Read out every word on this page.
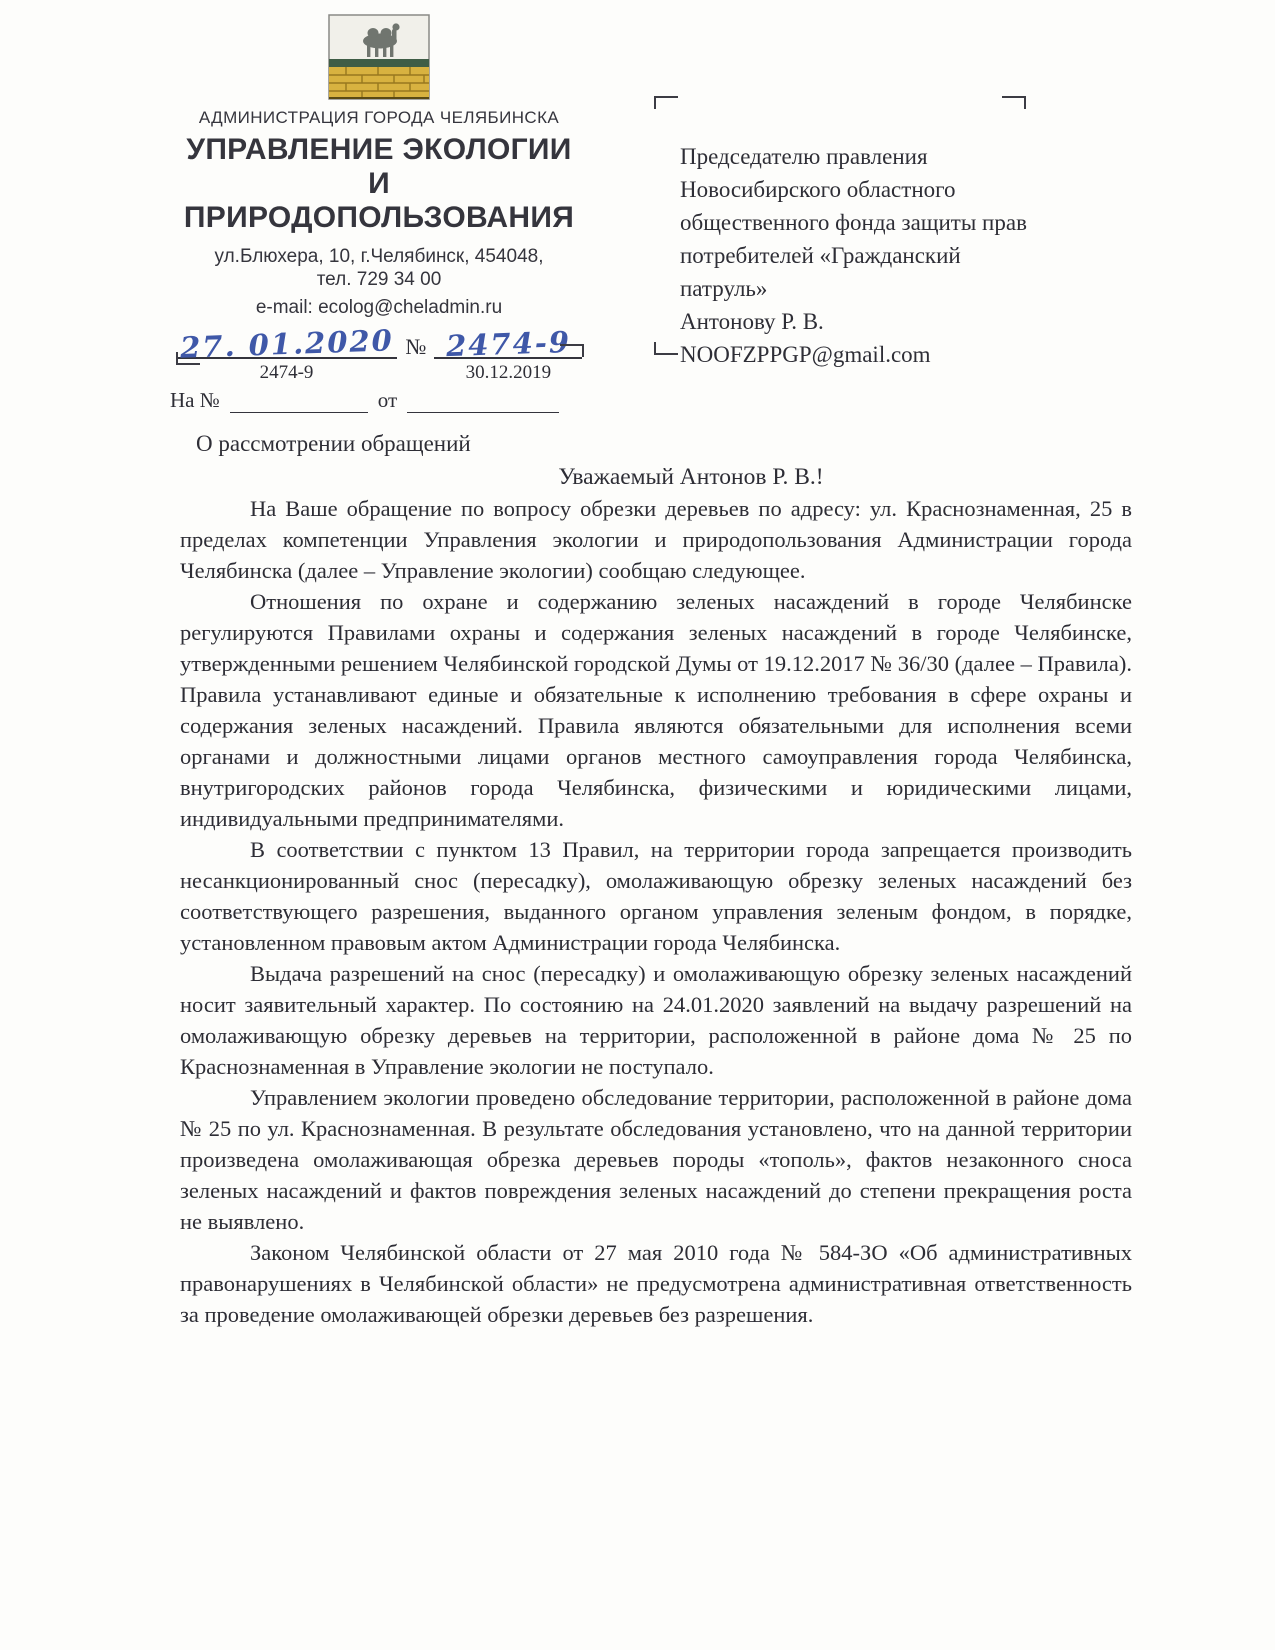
АДМИНИСТРАЦИЯ ГОРОДА ЧЕЛЯБИНСКА
УПРАВЛЕНИЕ ЭКОЛОГИИ
И ПРИРОДОПОЛЬЗОВАНИЯ
ул.Блюхера, 10, г.Челябинск, 454048,
тел. 729 34 00
e-mail: ecolog@cheladmin.ru
27. 01.2020
2474-9
№ 2474-9
30.12.2019
На №	от
О рассмотрении обращений
Председателю правления
Новосибирского областного
общественного фонда защиты прав
потребителей «Гражданский
патруль»
Антонову Р. В.
NOOFZPPGP@gmail.com

Уважаемый Антонов Р. В.!

На Ваше обращение по вопросу обрезки деревьев по адресу: ул. Краснознаменная, 25 в пределах компетенции Управления экологии и природопользования Администрации города Челябинска (далее – Управление экологии) сообщаю следующее.

Отношения по охране и содержанию зеленых насаждений в городе Челябинске регулируются Правилами охраны и содержания зеленых насаждений в городе Челябинске, утвержденными решением Челябинской городской Думы от 19.12.2017 № 36/30 (далее – Правила). Правила устанавливают единые и обязательные к исполнению требования в сфере охраны и содержания зеленых насаждений. Правила являются обязательными для исполнения всеми органами и должностными лицами органов местного самоуправления города Челябинска, внутригородских районов города Челябинска, физическими и юридическими лицами, индивидуальными предпринимателями.

В соответствии с пунктом 13 Правил, на территории города запрещается производить несанкционированный снос (пересадку), омолаживающую обрезку зеленых насаждений без соответствующего разрешения, выданного органом управления зеленым фондом, в порядке, установленном правовым актом Администрации города Челябинска.

Выдача разрешений на снос (пересадку) и омолаживающую обрезку зеленых насаждений носит заявительный характер. По состоянию на 24.01.2020 заявлений на выдачу разрешений на омолаживающую обрезку деревьев на территории, расположенной в районе дома № 25 по Краснознаменная в Управление экологии не поступало.

Управлением экологии проведено обследование территории, расположенной в районе дома № 25 по ул. Краснознаменная. В результате обследования установлено, что на данной территории произведена омолаживающая обрезка деревьев породы «тополь», фактов незаконного сноса зеленых насаждений и фактов повреждения зеленых насаждений до степени прекращения роста не выявлено.

Законом Челябинской области от 27 мая 2010 года № 584-ЗО «Об административных правонарушениях в Челябинской области» не предусмотрена административная ответственность за проведение омолаживающей обрезки деревьев без разрешения.
